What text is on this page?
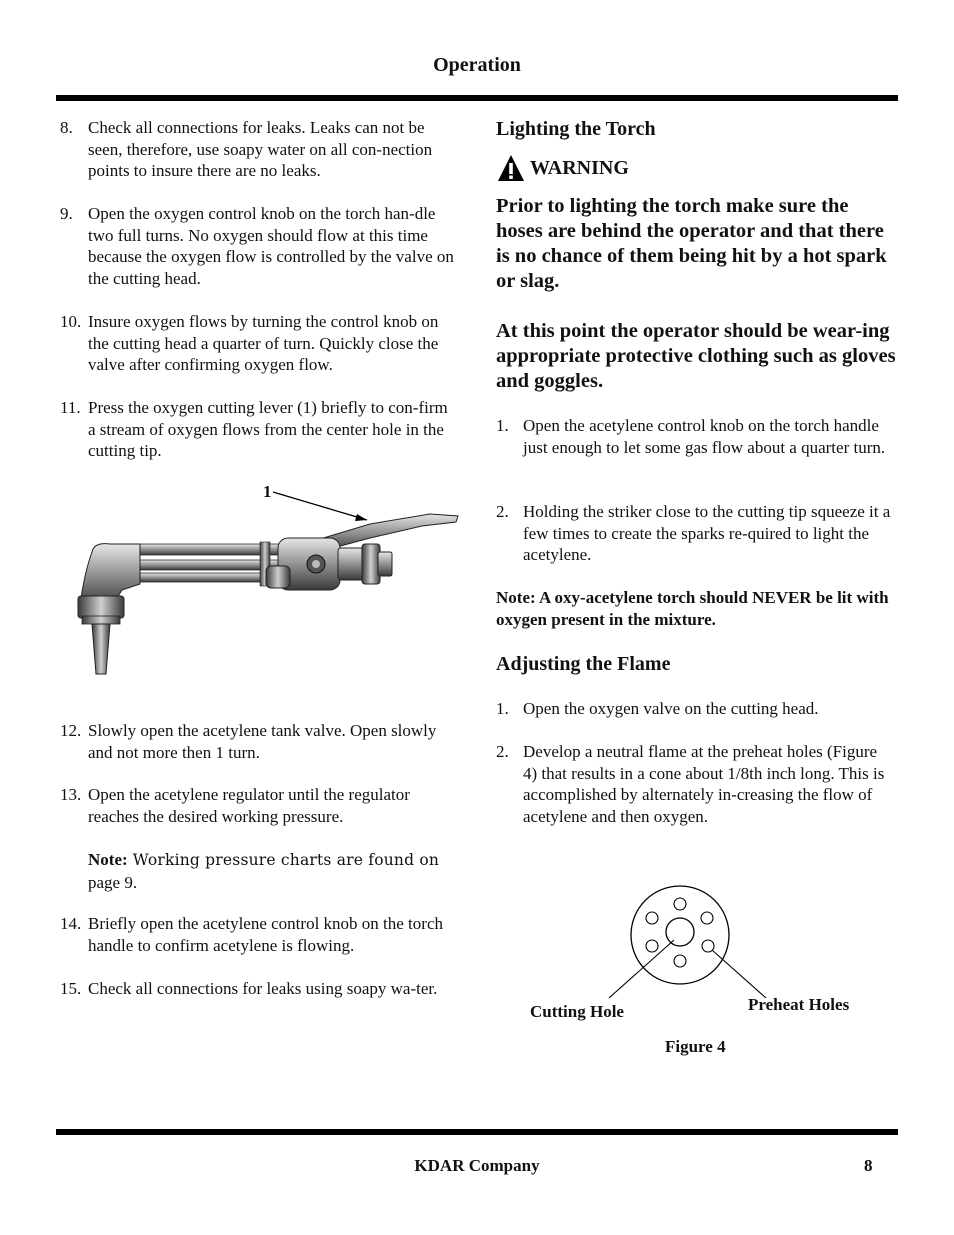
Operation
8. Check all connections for leaks. Leaks can not be seen, therefore, use soapy water on all con-nection points to insure there are no leaks.
9. Open the oxygen control knob on the torch han-dle two full turns. No oxygen should flow at this time because the oxygen flow is controlled by the valve on the cutting head.
10. Insure oxygen flows by turning the control knob on the cutting head a quarter of turn. Quickly close the valve after confirming oxygen flow.
11. Press the oxygen cutting lever (1) briefly to con-firm a stream of oxygen flows from the center hole in the cutting tip.
1
12. Slowly open the acetylene tank valve. Open slowly and not more then 1 turn.
13. Open the acetylene regulator until the regulator reaches the desired working pressure.
Note: Working pressure charts are found on
page 9.
14. Briefly open the acetylene control knob on the torch handle to confirm acetylene is flowing.
15. Check all connections for leaks using soapy wa-ter.
Lighting the Torch
WARNING
Prior to lighting the torch make sure the hoses are behind the operator and that there is no chance of them being hit by a hot spark or slag.
At this point the operator should be wear-ing appropriate protective clothing such as gloves and goggles.
1. Open the acetylene control knob on the torch handle just enough to let some gas flow about a quarter turn.
2. Holding the striker close to the cutting tip squeeze it a few times to create the sparks re-quired to light the acetylene.
Note: A oxy-acetylene torch should NEVER be lit with oxygen present in the mixture.
Adjusting the Flame
1. Open the oxygen valve on the cutting head.
2. Develop a neutral flame at the preheat holes (Figure 4) that results in a cone about 1/8th inch long. This is accomplished by alternately in-creasing the flow of acetylene and then oxygen.
Cutting Hole	Preheat Holes
Figure 4
KDAR Company	8
